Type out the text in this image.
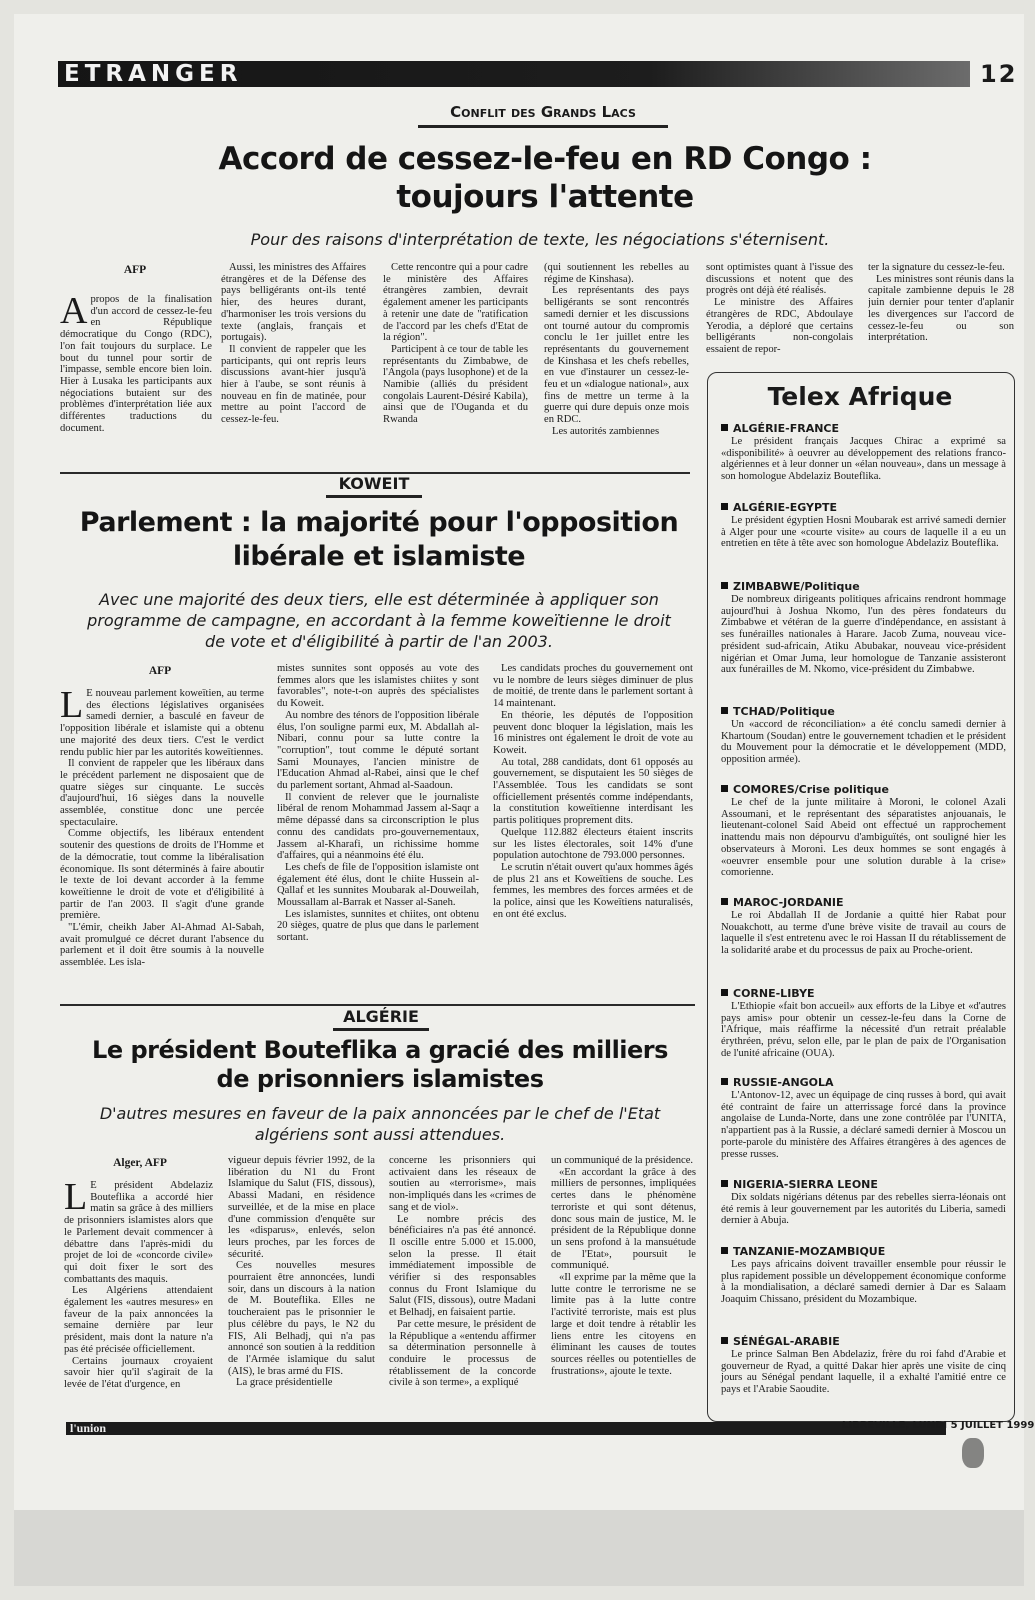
ETRANGER	12
Conflit des Grands Lacs
Accord de cessez-le-feu en RD Congo :
toujours l'attente
Pour des raisons d'interprétation de texte, les négociations s'éternisent.
AFP
A propos de la finalisation d'un accord de cessez-le-feu en République démocratique du Congo (RDC), l'on fait toujours du surplace. Le bout du tunnel pour sortir de l'impasse, semble encore bien loin. Hier à Lusaka les participants aux négociations butaient sur des problèmes d'interprétation liée aux différentes traductions du document.

Aussi, les ministres des Affaires étrangères et de la Défense des pays belligérants ont-ils tenté hier, des heures durant, d'harmoniser les trois versions du texte (anglais, français et portugais).

Il convient de rappeler que les participants, qui ont repris leurs discussions avant-hier jusqu'à hier à l'aube, se sont réunis à nouveau en fin de matinée, pour mettre au point l'accord de cessez-le-feu.

Cette rencontre qui a pour cadre le ministère des Affaires étrangères zambien, devrait également amener les participants à retenir une date de "ratification de l'accord par les chefs d'Etat de la région".

Participent à ce tour de table les représentants du Zimbabwe, de l'Angola (pays lusophone) et de la Namibie (alliés du président congolais Laurent-Désiré Kabila), ainsi que de l'Ouganda et du Rwanda

(qui soutiennent les rebelles au régime de Kinshasa).

Les représentants des pays belligérants se sont rencontrés samedi dernier et les discussions ont tourné autour du compromis conclu le 1er juillet entre les représentants du gouvernement de Kinshasa et les chefs rebelles, en vue d'instaurer un cessez-le-feu et un «dialogue national», aux fins de mettre un terme à la guerre qui dure depuis onze mois en RDC.

Les autorités zambiennes

sont optimistes quant à l'issue des discussions et notent que des progrès ont déjà été réalisés.

Le ministre des Affaires étrangères de RDC, Abdoulaye Yerodia, a déploré que certains belligérants non-congolais essaient de repor-

ter la signature du cessez-le-feu.

Les ministres sont réunis dans la capitale zambienne depuis le 28 juin dernier pour tenter d'aplanir les divergences sur l'accord de cessez-le-feu ou son interprétation.

KOWEIT
Parlement : la majorité pour l'opposition
libérale et islamiste
Avec une majorité des deux tiers, elle est déterminée à appliquer son
programme de campagne, en accordant à la femme koweïtienne le droit
de vote et d'éligibilité à partir de l'an 2003.
AFP
L E nouveau parlement koweïtien, au terme des élections législatives organisées samedi dernier, a basculé en faveur de l'opposition libérale et islamiste qui a obtenu une majorité des deux tiers. C'est le verdict rendu public hier par les autorités koweïtiennes.

Il convient de rappeler que les libéraux dans le précédent parlement ne disposaient que de quatre sièges sur cinquante. Le succès d'aujourd'hui, 16 sièges dans la nouvelle assemblée, constitue donc une percée spectaculaire.

Comme objectifs, les libéraux entendent soutenir des questions de droits de l'Homme et de la démocratie, tout comme la libéralisation économique. Ils sont déterminés à faire aboutir le texte de loi devant accorder à la femme koweïtienne le droit de vote et d'éligibilité à partir de l'an 2003. Il s'agit d'une grande première.

"L'émir, cheikh Jaber Al-Ahmad Al-Sabah, avait promulgué ce décret durant l'absence du parlement et il doit être soumis à la nouvelle assemblée. Les isla-

mistes sunnites sont opposés au vote des femmes alors que les islamistes chiites y sont favorables", note-t-on auprès des spécialistes du Koweit.

Au nombre des ténors de l'opposition libérale élus, l'on souligne parmi eux, M. Abdallah al-Nibari, connu pour sa lutte contre la "corruption", tout comme le député sortant Sami Mounayes, l'ancien ministre de l'Education Ahmad al-Rabei, ainsi que le chef du parlement sortant, Ahmad al-Saadoun.

Il convient de relever que le journaliste libéral de renom Mohammad Jassem al-Saqr a même dépassé dans sa circonscription le plus connu des candidats pro-gouvernementaux, Jassem al-Kharafi, un richissime homme d'affaires, qui a néanmoins été élu.

Les chefs de file de l'opposition islamiste ont également été élus, dont le chiite Hussein al-Qallaf et les sunnites Moubarak al-Douweilah, Moussallam al-Barrak et Nasser al-Saneh.

Les islamistes, sunnites et chiites, ont obtenu 20 sièges, quatre de plus que dans le parlement sortant.

Les candidats proches du gouvernement ont vu le nombre de leurs sièges diminuer de plus de moitié, de trente dans le parlement sortant à 14 maintenant.

En théorie, les députés de l'opposition peuvent donc bloquer la législation, mais les 16 ministres ont également le droit de vote au Koweit.

Au total, 288 candidats, dont 61 opposés au gouvernement, se disputaient les 50 sièges de l'Assemblée. Tous les candidats se sont officiellement présentés comme indépendants, la constitution koweïtienne interdisant les partis politiques proprement dits.

Quelque 112.882 électeurs étaient inscrits sur les listes électorales, soit 14% d'une population autochtone de 793.000 personnes.

Le scrutin n'était ouvert qu'aux hommes âgés de plus 21 ans et Koweïtiens de souche. Les femmes, les membres des forces armées et de la police, ainsi que les Koweïtiens naturalisés, en ont été exclus.

ALGÉRIE
Le président Bouteflika a gracié des milliers
de prisonniers islamistes
D'autres mesures en faveur de la paix annoncées par le chef de l'Etat
algériens sont aussi attendues.
Alger, AFP
L E président Abdelaziz Bouteflika a accordé hier matin sa grâce à des milliers de prisonniers islamistes alors que le Parlement devait commencer à débattre dans l'après-midi du projet de loi de «concorde civile» qui doit fixer le sort des combattants des maquis.

Les Algériens attendaient également les «autres mesures» en faveur de la paix annoncées la semaine dernière par leur président, mais dont la nature n'a pas été précisée officiellement.

Certains journaux croyaient savoir hier qu'il s'agirait de la levée de l'état d'urgence, en

vigueur depuis février 1992, de la libération du N1 du Front Islamique du Salut (FIS, dissous), Abassi Madani, en résidence surveillée, et de la mise en place d'une commission d'enquête sur les «disparus», enlevés, selon leurs proches, par les forces de sécurité.

Ces nouvelles mesures pourraient être annoncées, lundi soir, dans un discours à la nation de M. Bouteflika. Elles ne toucheraient pas le prisonnier le plus célèbre du pays, le N2 du FIS, Ali Belhadj, qui n'a pas annoncé son soutien à la reddition de l'Armée islamique du salut (AIS), le bras armé du FIS.

La grace présidentielle

concerne les prisonniers qui activaient dans les réseaux de soutien au «terrorisme», mais non-impliqués dans les «crimes de sang et de viol».

Le nombre précis des bénéficiaires n'a pas été annoncé. Il oscille entre 5.000 et 15.000, selon la presse. Il était immédiatement impossible de vérifier si des responsables connus du Front Islamique du Salut (FIS, dissous), outre Madani et Belhadj, en faisaient partie.

Par cette mesure, le président de la République a «entendu affirmer sa détermination personnelle à conduire le processus de rétablissement de la concorde civile à son terme», a expliqué

un communiqué de la présidence.

«En accordant la grâce à des milliers de personnes, impliquées certes dans le phénomène terroriste et qui sont détenus, donc sous main de justice, M. le président de la République donne un sens profond à la mansuétude de l'Etat», poursuit le communiqué.

«Il exprime par la même que la lutte contre le terrorisme ne se limite pas à la lutte contre l'activité terroriste, mais est plus large et doit tendre à rétablir les liens entre les citoyens en éliminant les causes de toutes sources réelles ou potentielles de frustrations», ajoute le texte.

Telex Afrique
ALGÉRIE-FRANCE

Le président français Jacques Chirac a exprimé sa «disponibilité» à oeuvrer au développement des relations franco-algériennes et à leur donner un «élan nouveau», dans un message à son homologue Abdelaziz Bouteflika.

ALGÉRIE-EGYPTE

Le président égyptien Hosni Moubarak est arrivé samedi dernier à Alger pour une «courte visite» au cours de laquelle il a eu un entretien en tête à tête avec son homologue Abdelaziz Bouteflika.

ZIMBABWE/Politique

De nombreux dirigeants politiques africains rendront hommage aujourd'hui à Joshua Nkomo, l'un des pères fondateurs du Zimbabwe et vétéran de la guerre d'indépendance, en assistant à ses funérailles nationales à Harare. Jacob Zuma, nouveau vice-président sud-africain, Atiku Abubakar, nouveau vice-président nigérian et Omar Juma, leur homologue de Tanzanie assisteront aux funérailles de M. Nkomo, vice-président du Zimbabwe.

TCHAD/Politique

Un «accord de réconciliation» a été conclu samedi dernier à Khartoum (Soudan) entre le gouvernement tchadien et le président du Mouvement pour la démocratie et le développement (MDD, opposition armée).

COMORES/Crise politique

Le chef de la junte militaire à Moroni, le colonel Azali Assoumani, et le représentant des séparatistes anjouanais, le lieutenant-colonel Said Abeid ont effectué un rapprochement inattendu mais non dépourvu d'ambiguïtés, ont souligné hier les observateurs à Moroni. Les deux hommes se sont engagés à «oeuvrer ensemble pour une solution durable à la crise» comorienne.

MAROC-JORDANIE

Le roi Abdallah II de Jordanie a quitté hier Rabat pour Nouakchott, au terme d'une brève visite de travail au cours de laquelle il s'est entretenu avec le roi Hassan II du rétablissement de la solidarité arabe et du processus de paix au Proche-orient.

CORNE-LIBYE

L'Ethiopie «fait bon accueil» aux efforts de la Libye et «d'autres pays amis» pour obtenir un cessez-le-feu dans la Corne de l'Afrique, mais réaffirme la nécessité d'un retrait préalable érythréen, prévu, selon elle, par le plan de paix de l'Organisation de l'unité africaine (OUA).

RUSSIE-ANGOLA

L'Antonov-12, avec un équipage de cinq russes à bord, qui avait été contraint de faire un atterrissage forcé dans la province angolaise de Lunda-Norte, dans une zone contrôlée par l'UNITA, n'appartient pas à la Russie, a déclaré samedi dernier à Moscou un porte-parole du ministère des Affaires étrangères à des agences de presse russes.

NIGERIA-SIERRA LEONE

Dix soldats nigérians détenus par des rebelles sierra-léonais ont été remis à leur gouvernement par les autorités du Liberia, samedi dernier à Abuja.

TANZANIE-MOZAMBIQUE

Les pays africains doivent travailler ensemble pour réussir le plus rapidement possible un développement économique conforme à la mondialisation, a déclaré samedi dernier à Dar es Salaam Joaquim Chissano, président du Mozambique.

SÉNÉGAL-ARABIE

Le prince Salman Ben Abdelaziz, frère du roi fahd d'Arabie et gouverneur de Ryad, a quitté Dakar hier après une visite de cinq jours au Sénégal pendant laquelle, il a exhalté l'amitié entre ce pays et l'Arabie Saoudite.

l'union	LIBREVILLE, LUNDI 5 JUILLET 1999
